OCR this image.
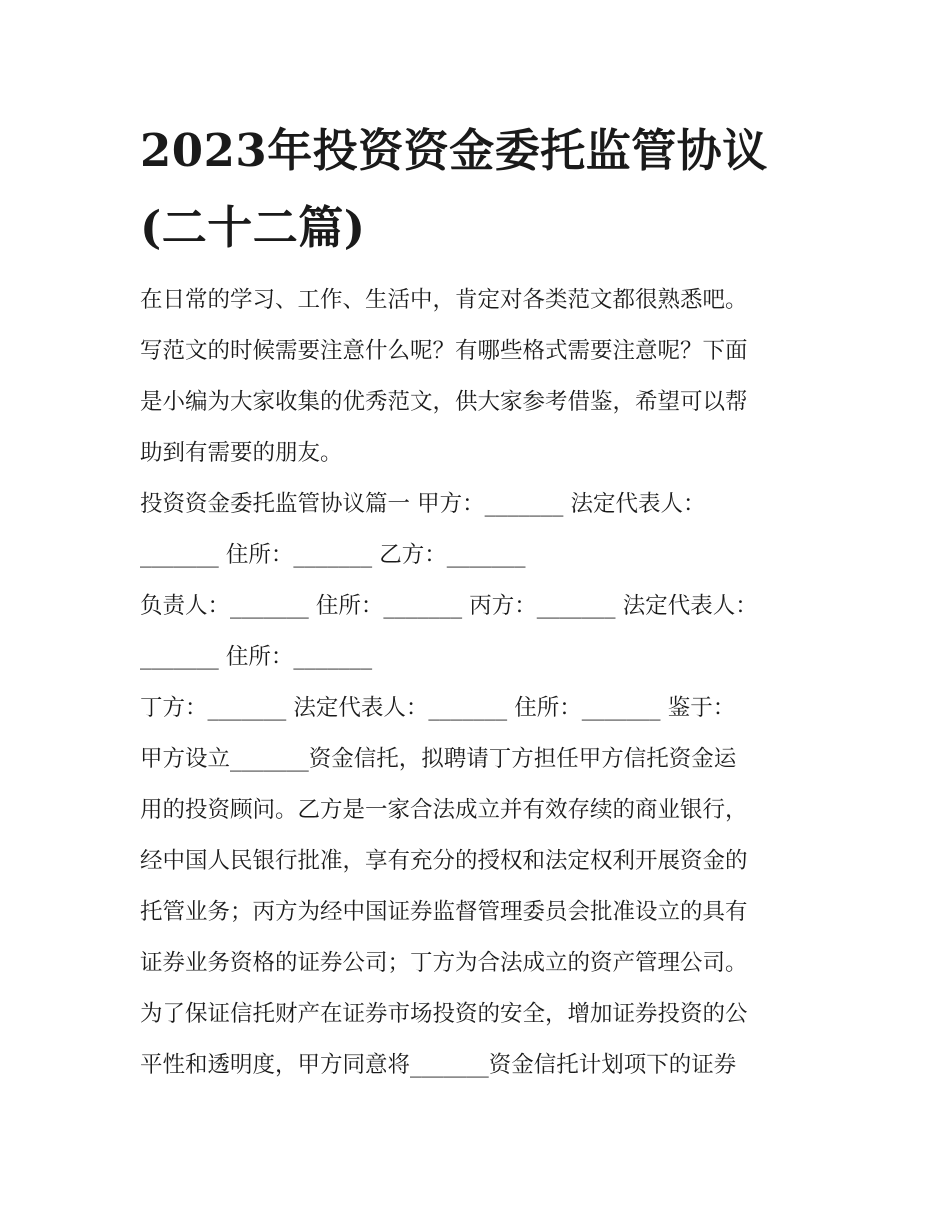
2023年投资资金委托监管协议
(二十二篇)
在日常的学习、工作、生活中，肯定对各类范文都很熟悉吧。
写范文的时候需要注意什么呢？有哪些格式需要注意呢？下面
是小编为大家收集的优秀范文，供大家参考借鉴，希望可以帮
助到有需要的朋友。
投资资金委托监管协议篇一 甲方：_______ 法定代表人：
_______ 住所：_______ 乙方：_______
负责人：_______ 住所：_______ 丙方：_______ 法定代表人：
_______ 住所：_______
丁方：_______ 法定代表人：_______ 住所：_______ 鉴于：
甲方设立_______资金信托，拟聘请丁方担任甲方信托资金运
用的投资顾问。乙方是一家合法成立并有效存续的商业银行，
经中国人民银行批准，享有充分的授权和法定权利开展资金的
托管业务；丙方为经中国证券监督管理委员会批准设立的具有
证券业务资格的证券公司；丁方为合法成立的资产管理公司。
为了保证信托财产在证券市场投资的安全，增加证券投资的公
平性和透明度，甲方同意将_______资金信托计划项下的证券
